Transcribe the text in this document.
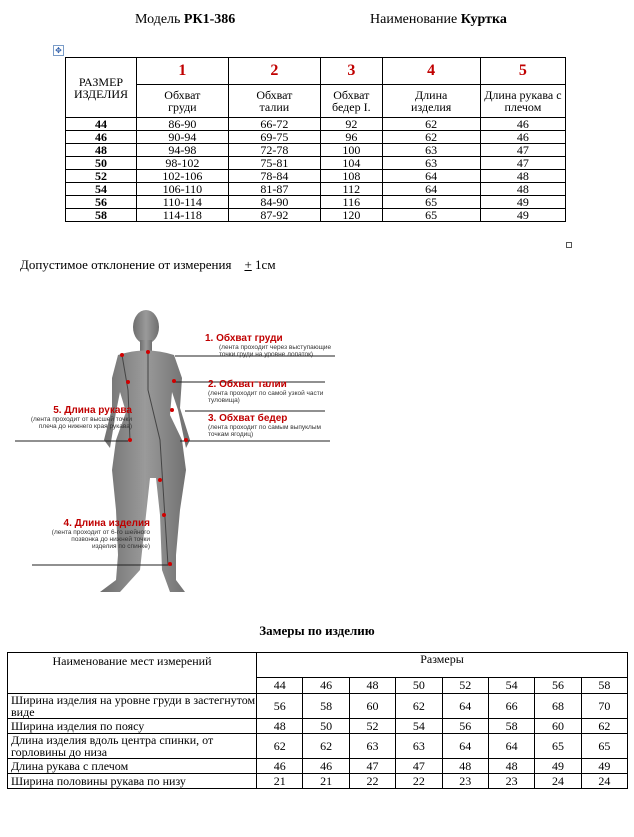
Модель РК1-386	Наименование Куртка
✥
РАЗМЕР ИЗДЕЛИЯ	1	2	3	4	5
	Обхват груди	Обхват талии	Обхват бедер I.	Длина изделия	Длина рукава с плечом
44	86-90	66-72	92	62	46
46	90-94	69-75	96	62	46
48	94-98	72-78	100	63	47
50	98-102	75-81	104	63	47
52	102-106	78-84	108	64	48
54	106-110	81-87	112	64	48
56	110-114	84-90	116	65	49
58	114-118	87-92	120	65	49
Допустимое отклонение от измерения + 1см
1. Обхват груди
(лента проходит через выступающие точки груди на уровне лопаток)
2. Обхват талии
(лента проходит по самой узкой части туловища)
3. Обхват бедер
(лента проходит по самым выпуклым точкам ягодиц)
5. Длина рукава
(лента проходит от высшей точки плеча до нижнего края рукава)
4. Длина изделия
(лента проходит от 6-го шейного позвонка до нижней точки изделия по спинке)
Замеры по изделию
Наименование мест измерений	Размеры							
	44	46	48	50	52	54	56	58
Ширина изделия на уровне груди в застегнутом виде	56	58	60	62	64	66	68	70
Ширина изделия по поясу	48	50	52	54	56	58	60	62
Длина изделия вдоль центра спинки, от горловины до низа	62	62	63	63	64	64	65	65
Длина рукава с плечом	46	46	47	47	48	48	49	49
Ширина половины рукава по низу	21	21	22	22	23	23	24	24
